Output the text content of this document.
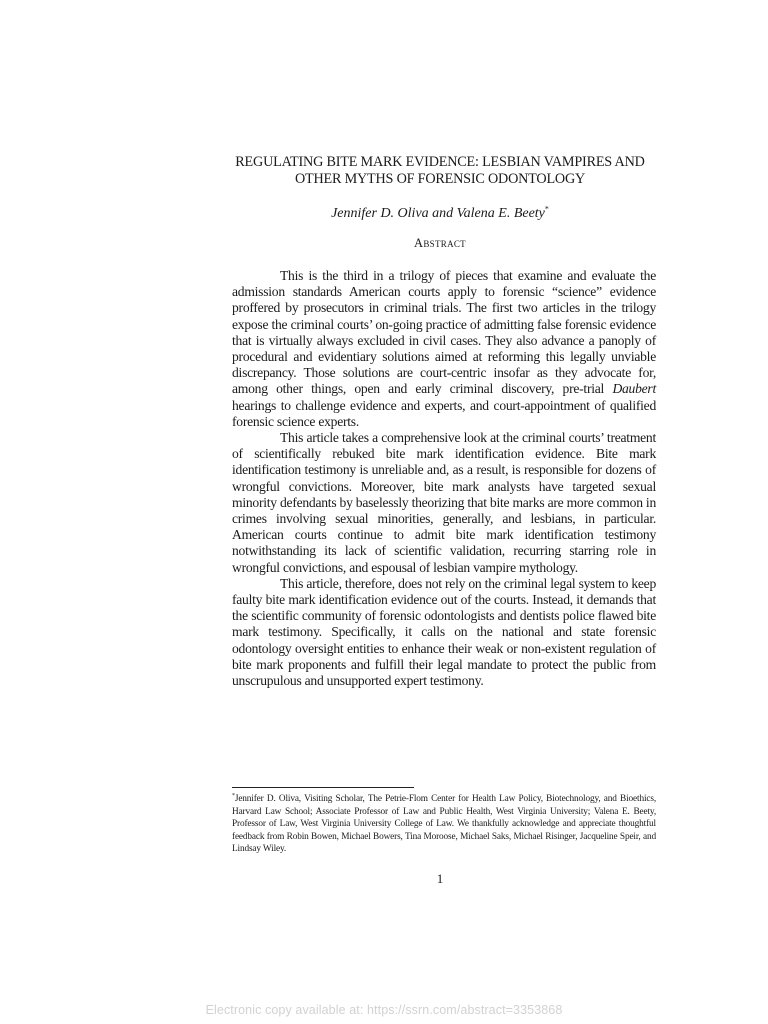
REGULATING BITE MARK EVIDENCE: LESBIAN VAMPIRES AND
OTHER MYTHS OF FORENSIC ODONTOLOGY
Jennifer D. Oliva and Valena E. Beety*
Abstract

This is the third in a trilogy of pieces that examine and evaluate the admission standards American courts apply to forensic “science” evidence proffered by prosecutors in criminal trials. The first two articles in the trilogy expose the criminal courts’ on-going practice of admitting false forensic evidence that is virtually always excluded in civil cases. They also advance a panoply of procedural and evidentiary solutions aimed at reforming this legally unviable discrepancy. Those solutions are court-centric insofar as they advocate for, among other things, open and early criminal discovery, pre-trial Daubert hearings to challenge evidence and experts, and court-appointment of qualified forensic science experts.

This article takes a comprehensive look at the criminal courts’ treatment of scientifically rebuked bite mark identification evidence. Bite mark identification testimony is unreliable and, as a result, is responsible for dozens of wrongful convictions. Moreover, bite mark analysts have targeted sexual minority defendants by baselessly theorizing that bite marks are more common in crimes involving sexual minorities, generally, and lesbians, in particular. American courts continue to admit bite mark identification testimony notwithstanding its lack of scientific validation, recurring starring role in wrongful convictions, and espousal of lesbian vampire mythology.

This article, therefore, does not rely on the criminal legal system to keep faulty bite mark identification evidence out of the courts. Instead, it demands that the scientific community of forensic odontologists and dentists police flawed bite mark testimony. Specifically, it calls on the national and state forensic odontology oversight entities to enhance their weak or non-existent regulation of bite mark proponents and fulfill their legal mandate to protect the public from unscrupulous and unsupported expert testimony.

*Jennifer D. Oliva, Visiting Scholar, The Petrie-Flom Center for Health Law Policy, Biotechnology, and Bioethics, Harvard Law School; Associate Professor of Law and Public Health, West Virginia University; Valena E. Beety, Professor of Law, West Virginia University College of Law. We thankfully acknowledge and appreciate thoughtful feedback from Robin Bowen, Michael Bowers, Tina Moroose, Michael Saks, Michael Risinger, Jacqueline Speir, and Lindsay Wiley.
1
Electronic copy available at: https://ssrn.com/abstract=3353868
